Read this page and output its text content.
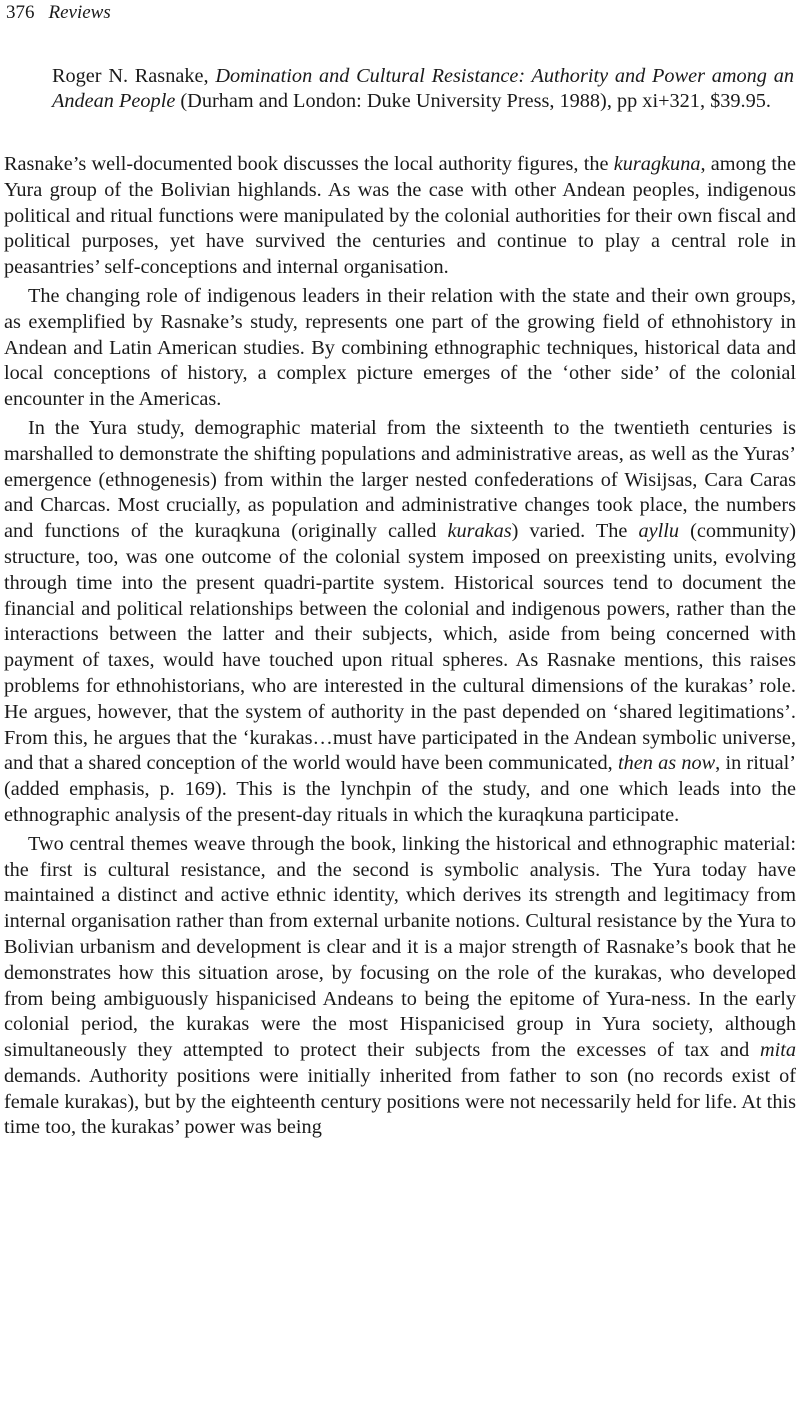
376 Reviews
Roger N. Rasnake, Domination and Cultural Resistance: Authority and Power among an Andean People (Durham and London: Duke University Press, 1988), pp xi+321, $39.95.

Rasnake’s well-documented book discusses the local authority figures, the kuragkuna, among the Yura group of the Bolivian highlands. As was the case with other Andean peoples, indigenous political and ritual functions were manipulated by the colonial authorities for their own fiscal and political purposes, yet have survived the centuries and continue to play a central role in peasantries’ self-conceptions and internal organisation.

The changing role of indigenous leaders in their relation with the state and their own groups, as exemplified by Rasnake’s study, represents one part of the growing field of ethnohistory in Andean and Latin American studies. By combining ethnographic techniques, historical data and local conceptions of history, a complex picture emerges of the ‘other side’ of the colonial encounter in the Americas.

In the Yura study, demographic material from the sixteenth to the twentieth centuries is marshalled to demonstrate the shifting populations and administrative areas, as well as the Yuras’ emergence (ethnogenesis) from within the larger nested confederations of Wisijsas, Cara Caras and Charcas. Most crucially, as population and administrative changes took place, the numbers and functions of the kuraqkuna (originally called kurakas) varied. The ayllu (community) structure, too, was one outcome of the colonial system imposed on preexisting units, evolving through time into the present quadri-partite system. Historical sources tend to document the financial and political relationships between the colonial and indigenous powers, rather than the interactions between the latter and their subjects, which, aside from being concerned with payment of taxes, would have touched upon ritual spheres. As Rasnake mentions, this raises problems for ethnohistorians, who are interested in the cultural dimensions of the kurakas’ role. He argues, however, that the system of authority in the past depended on ‘shared legitimations’. From this, he argues that the ‘kurakas…must have participated in the Andean symbolic universe, and that a shared conception of the world would have been communicated, then as now, in ritual’ (added emphasis, p. 169). This is the lynchpin of the study, and one which leads into the ethnographic analysis of the present-day rituals in which the kuraqkuna participate.

Two central themes weave through the book, linking the historical and ethnographic material: the first is cultural resistance, and the second is symbolic analysis. The Yura today have maintained a distinct and active ethnic identity, which derives its strength and legitimacy from internal organisation rather than from external urbanite notions. Cultural resistance by the Yura to Bolivian urbanism and development is clear and it is a major strength of Rasnake’s book that he demonstrates how this situation arose, by focusing on the role of the kurakas, who developed from being ambiguously hispanicised Andeans to being the epitome of Yura-ness. In the early colonial period, the kurakas were the most Hispanicised group in Yura society, although simultaneously they attempted to protect their subjects from the excesses of tax and mita demands. Authority positions were initially inherited from father to son (no records exist of female kurakas), but by the eighteenth century positions were not necessarily held for life. At this time too, the kurakas’ power was being
